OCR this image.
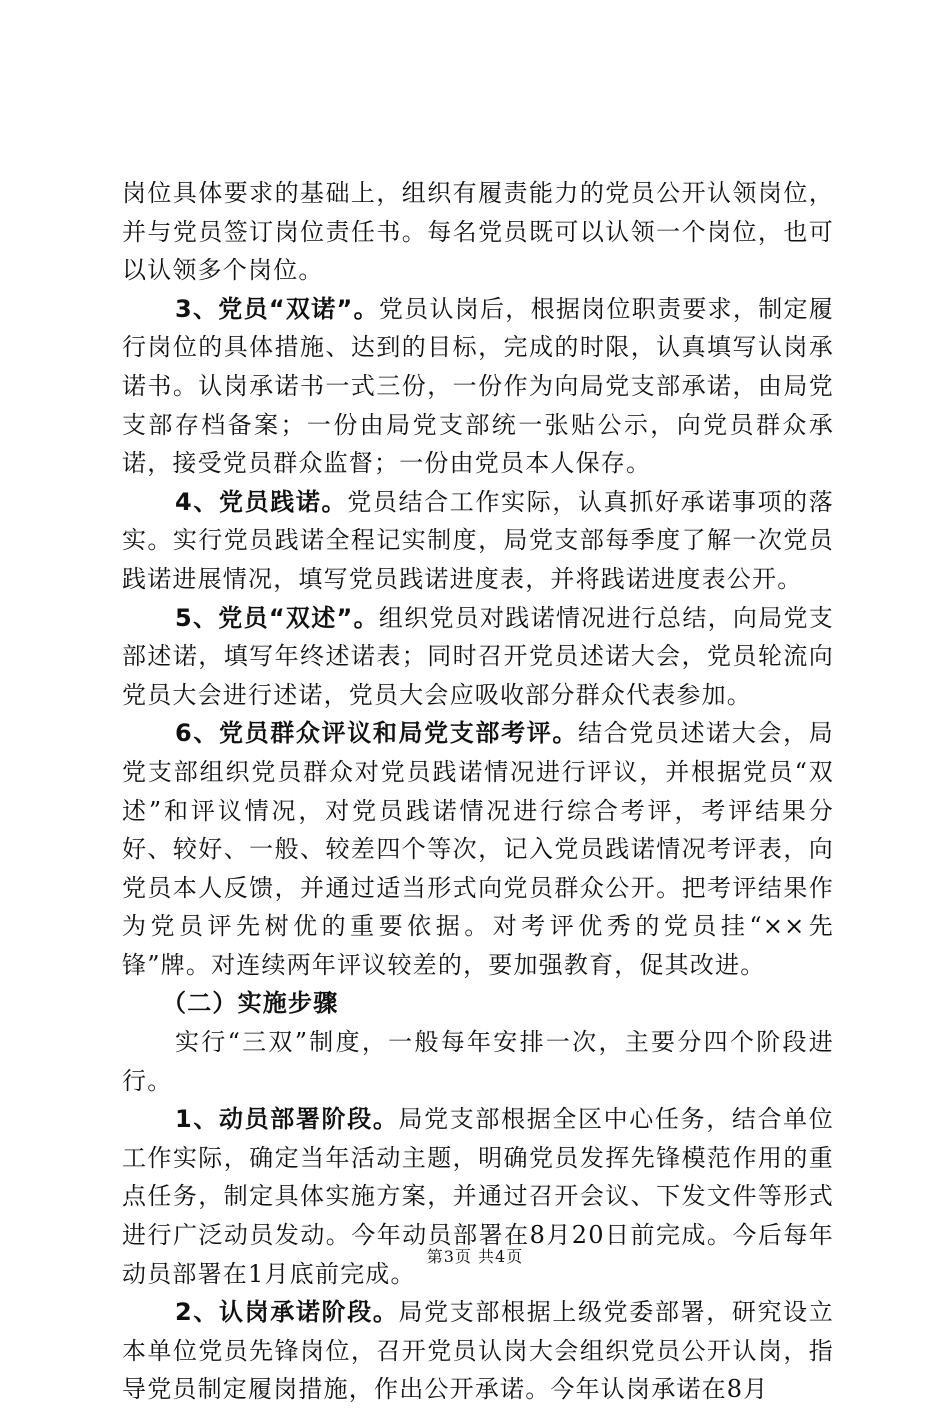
岗位具体要求的基础上，组织有履责能力的党员公开认领岗位，并与党员签订岗位责任书。每名党员既可以认领一个岗位，也可以认领多个岗位。

3、党员“双诺”。党员认岗后，根据岗位职责要求，制定履行岗位的具体措施、达到的目标，完成的时限，认真填写认岗承诺书。认岗承诺书一式三份，一份作为向局党支部承诺，由局党支部存档备案；一份由局党支部统一张贴公示，向党员群众承诺，接受党员群众监督；一份由党员本人保存。

4、党员践诺。党员结合工作实际，认真抓好承诺事项的落实。实行党员践诺全程记实制度，局党支部每季度了解一次党员践诺进展情况，填写党员践诺进度表，并将践诺进度表公开。

5、党员“双述”。组织党员对践诺情况进行总结，向局党支部述诺，填写年终述诺表；同时召开党员述诺大会，党员轮流向党员大会进行述诺，党员大会应吸收部分群众代表参加。

6、党员群众评议和局党支部考评。结合党员述诺大会，局党支部组织党员群众对党员践诺情况进行评议，并根据党员“双述”和评议情况，对党员践诺情况进行综合考评，考评结果分好、较好、一般、较差四个等次，记入党员践诺情况考评表，向党员本人反馈，并通过适当形式向党员群众公开。把考评结果作为党员评先树优的重要依据。对考评优秀的党员挂“××先锋”牌。对连续两年评议较差的，要加强教育，促其改进。

（二）实施步骤

实行“三双”制度，一般每年安排一次，主要分四个阶段进行。

1、动员部署阶段。局党支部根据全区中心任务，结合单位工作实际，确定当年活动主题，明确党员发挥先锋模范作用的重点任务，制定具体实施方案，并通过召开会议、下发文件等形式进行广泛动员发动。今年动员部署在8月20日前完成。今后每年动员部署在1月底前完成。

2、认岗承诺阶段。局党支部根据上级党委部署，研究设立本单位党员先锋岗位，召开党员认岗大会组织党员公开认岗，指导党员制定履岗措施，作出公开承诺。今年认岗承诺在8月

第3页 共4页
